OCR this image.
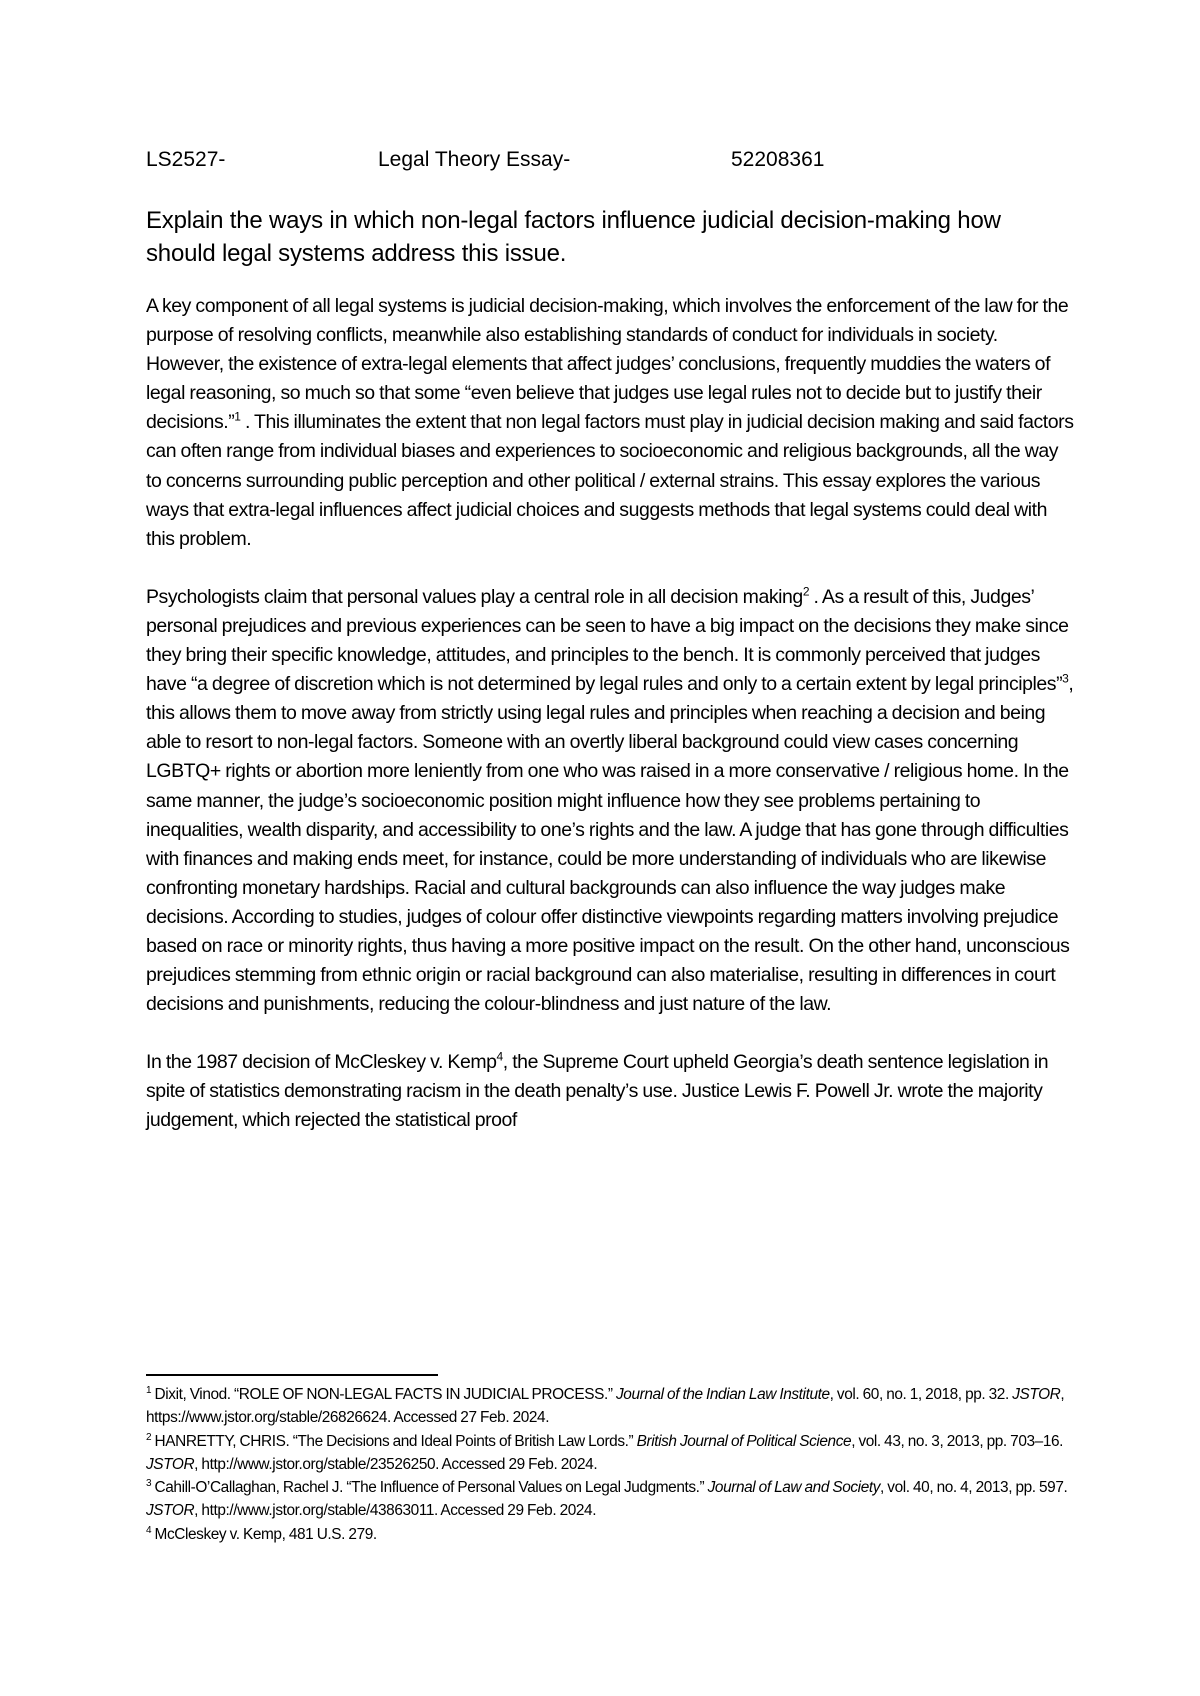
LS2527-	Legal Theory Essay-	52208361
Explain the ways in which non-legal factors influence judicial decision-making how should legal systems address this issue.

A key component of all legal systems is judicial decision-making, which involves the enforcement of the law for the purpose of resolving conflicts, meanwhile also establishing standards of conduct for individuals in society. However, the existence of extra-legal elements that affect judges’ conclusions, frequently muddies the waters of legal reasoning, so much so that some “even believe that judges use legal rules not to decide but to justify their decisions.”$^1$ . This illuminates the extent that non legal factors must play in judicial decision making and said factors can often range from individual biases and experiences to socioeconomic and religious backgrounds, all the way to concerns surrounding public perception and other political / external strains. This essay explores the various ways that extra-legal influences affect judicial choices and suggests methods that legal systems could deal with this problem.

Psychologists claim that personal values play a central role in all decision making$^2$ . As a result of this, Judges’ personal prejudices and previous experiences can be seen to have a big impact on the decisions they make since they bring their specific knowledge, attitudes, and principles to the bench. It is commonly perceived that judges have “a degree of discretion which is not determined by legal rules and only to a certain extent by legal principles”$^3$, this allows them to move away from strictly using legal rules and principles when reaching a decision and being able to resort to non-legal factors. Someone with an overtly liberal background could view cases concerning LGBTQ+ rights or abortion more leniently from one who was raised in a more conservative / religious home. In the same manner, the judge’s socioeconomic position might influence how they see problems pertaining to inequalities, wealth disparity, and accessibility to one’s rights and the law. A judge that has gone through difficulties with finances and making ends meet, for instance, could be more understanding of individuals who are likewise confronting monetary hardships. Racial and cultural backgrounds can also influence the way judges make decisions. According to studies, judges of colour offer distinctive viewpoints regarding matters involving prejudice based on race or minority rights, thus having a more positive impact on the result. On the other hand, unconscious prejudices stemming from ethnic origin or racial background can also materialise, resulting in differences in court decisions and punishments, reducing the colour-blindness and just nature of the law.

In the 1987 decision of McCleskey v. Kemp$^4$, the Supreme Court upheld Georgia’s death sentence legislation in spite of statistics demonstrating racism in the death penalty’s use. Justice Lewis F. Powell Jr. wrote the majority judgement, which rejected the statistical proof

$^1$ Dixit, Vinod. “ROLE OF NON-LEGAL FACTS IN JUDICIAL PROCESS.” Journal of the Indian Law Institute, vol. 60, no. 1, 2018, pp. 32. JSTOR, https://www.jstor.org/stable/26826624. Accessed 27 Feb. 2024.

$^2$ HANRETTY, CHRIS. “The Decisions and Ideal Points of British Law Lords.” British Journal of Political Science, vol. 43, no. 3, 2013, pp. 703–16. JSTOR, http://www.jstor.org/stable/23526250. Accessed 29 Feb. 2024.

$^3$ Cahill-O’Callaghan, Rachel J. “The Influence of Personal Values on Legal Judgments.” Journal of Law and Society, vol. 40, no. 4, 2013, pp. 597. JSTOR, http://www.jstor.org/stable/43863011. Accessed 29 Feb. 2024.

$^4$ McCleskey v. Kemp, 481 U.S. 279.
